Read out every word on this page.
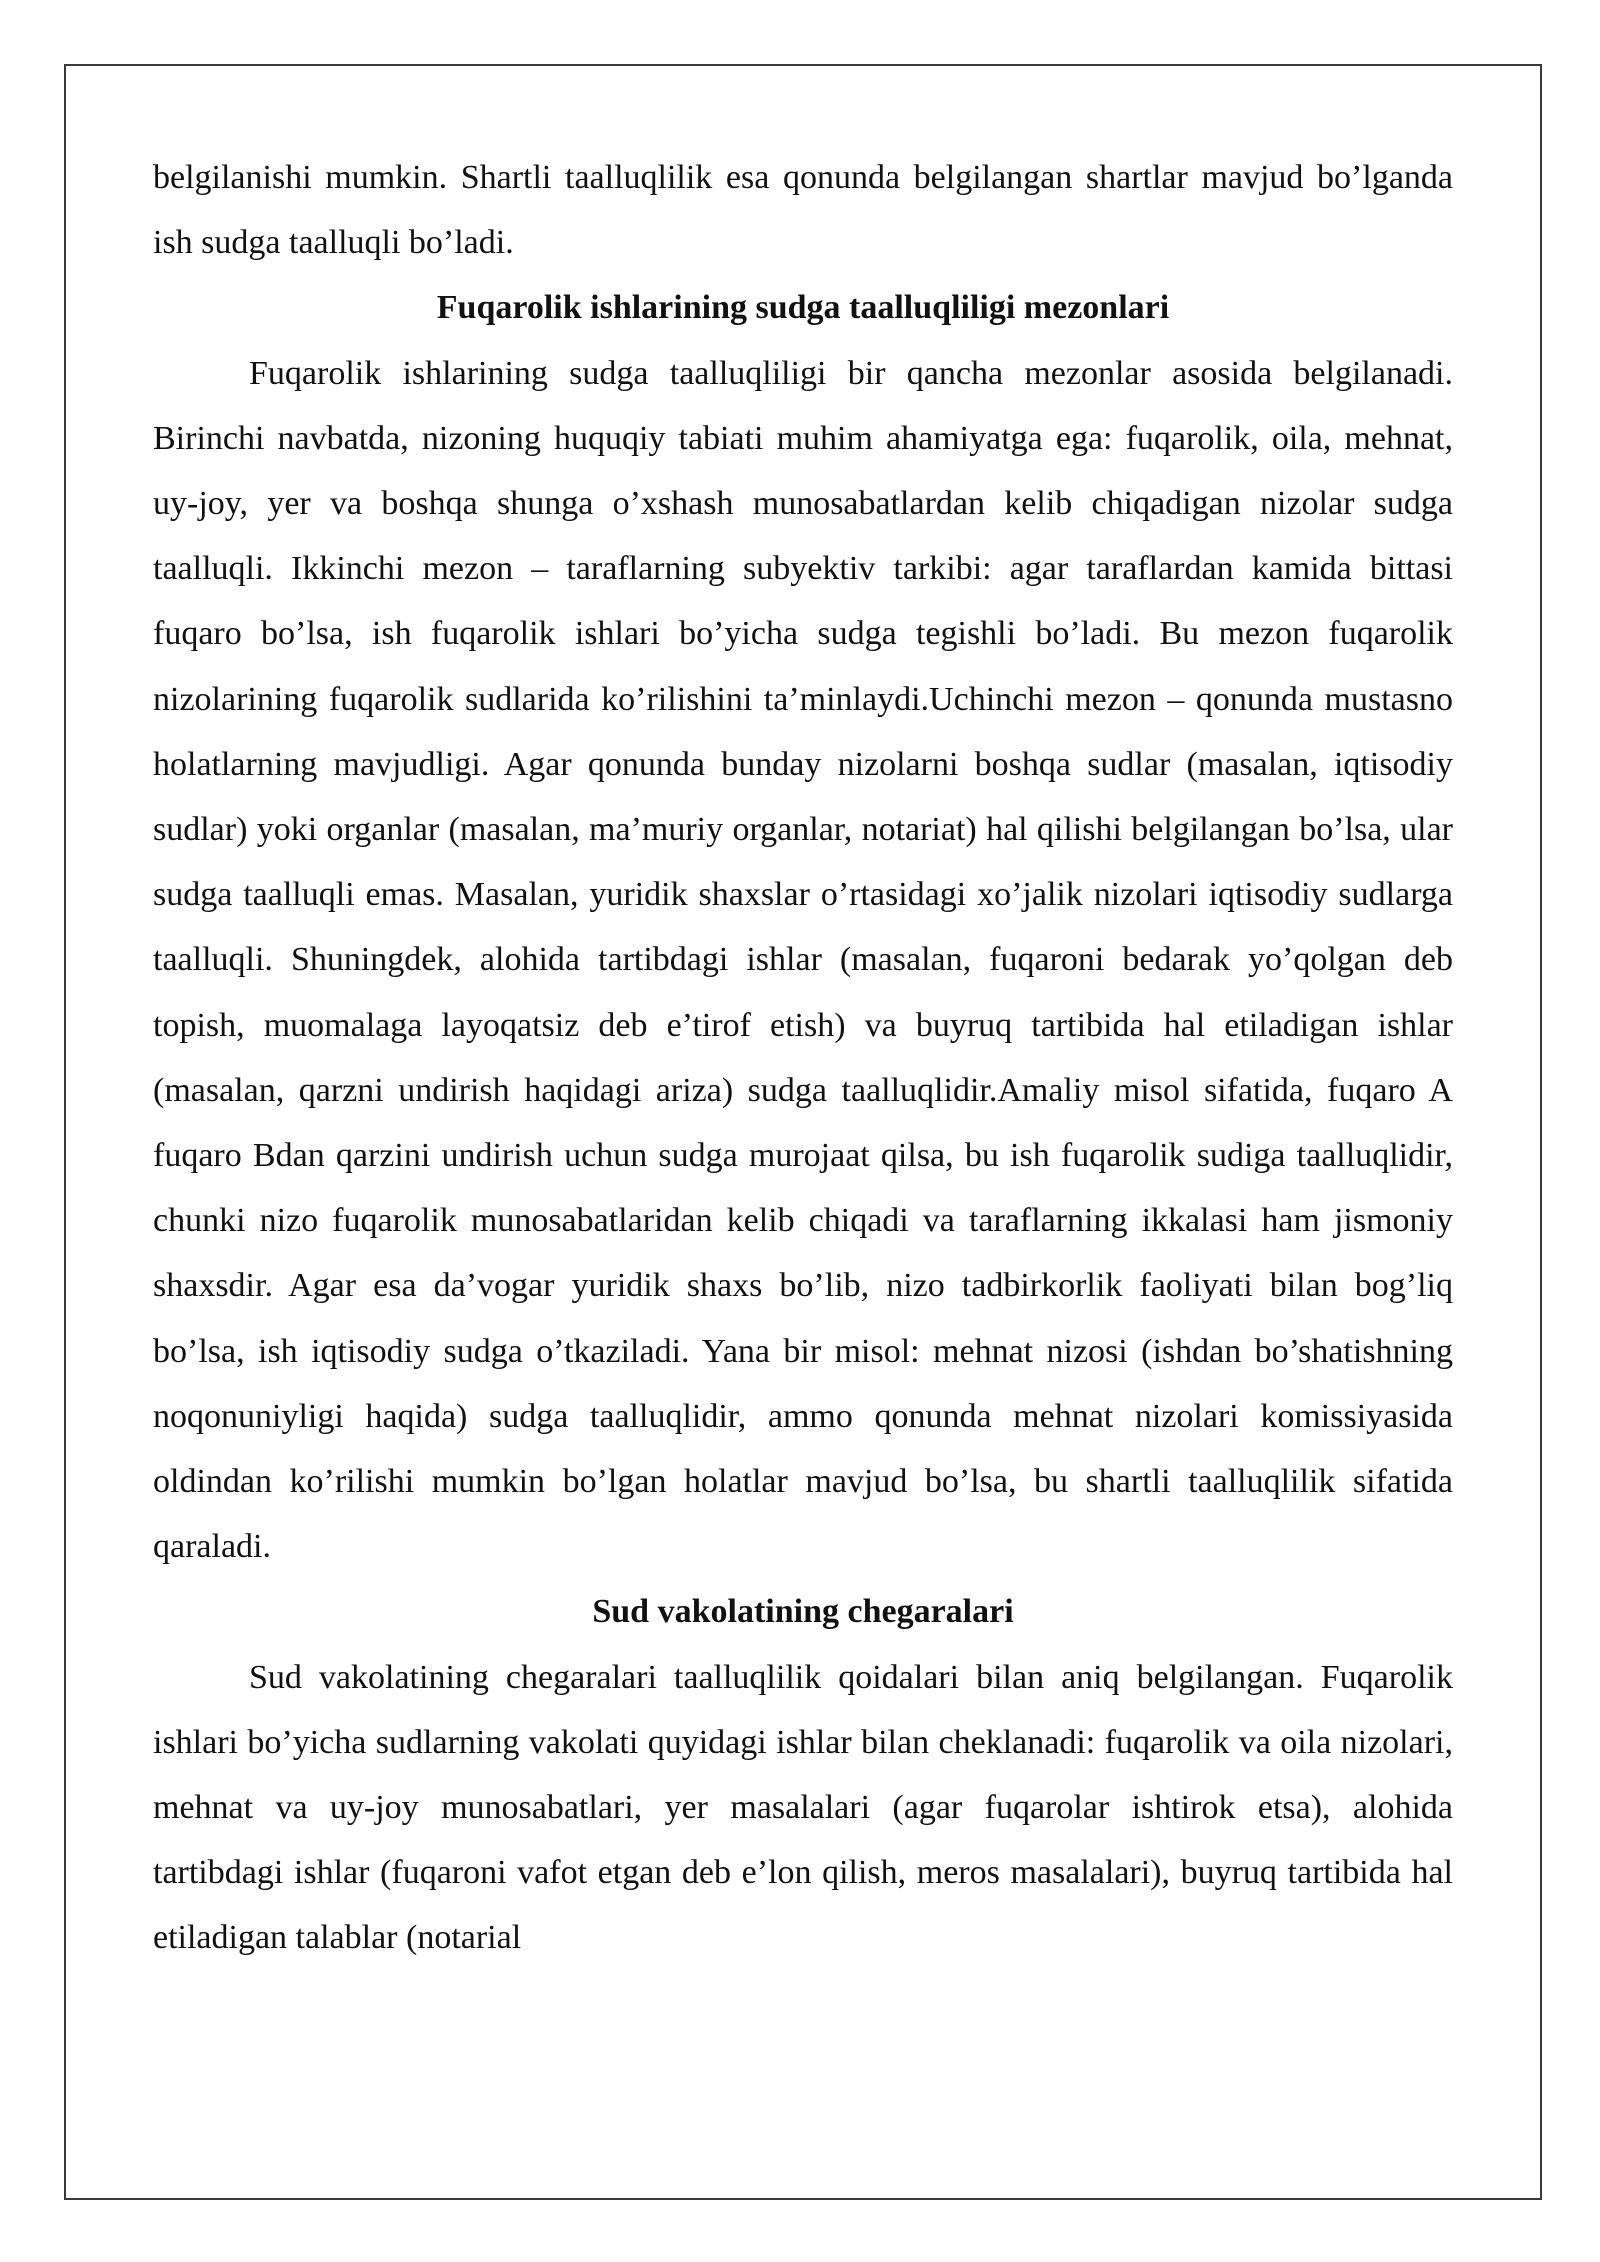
belgilanishi mumkin. Shartli taalluqlilik esa qonunda belgilangan shartlar mavjud bo’lganda ish sudga taalluqli bo’ladi.

Fuqarolik ishlarining sudga taalluqliligi mezonlari

Fuqarolik ishlarining sudga taalluqliligi bir qancha mezonlar asosida belgilanadi. Birinchi navbatda, nizoning huquqiy tabiati muhim ahamiyatga ega: fuqarolik, oila, mehnat, uy-joy, yer va boshqa shunga o’xshash munosabatlardan kelib chiqadigan nizolar sudga taalluqli. Ikkinchi mezon – taraflarning subyektiv tarkibi: agar taraflardan kamida bittasi fuqaro bo’lsa, ish fuqarolik ishlari bo’yicha sudga tegishli bo’ladi. Bu mezon fuqarolik nizolarining fuqarolik sudlarida ko’rilishini ta’minlaydi.Uchinchi mezon – qonunda mustasno holatlarning mavjudligi. Agar qonunda bunday nizolarni boshqa sudlar (masalan, iqtisodiy sudlar) yoki organlar (masalan, ma’muriy organlar, notariat) hal qilishi belgilangan bo’lsa, ular sudga taalluqli emas. Masalan, yuridik shaxslar o’rtasidagi xo’jalik nizolari iqtisodiy sudlarga taalluqli. Shuningdek, alohida tartibdagi ishlar (masalan, fuqaroni bedarak yo’qolgan deb topish, muomalaga layoqatsiz deb e’tirof etish) va buyruq tartibida hal etiladigan ishlar (masalan, qarzni undirish haqidagi ariza) sudga taalluqlidir.Amaliy misol sifatida, fuqaro A fuqaro Bdan qarzini undirish uchun sudga murojaat qilsa, bu ish fuqarolik sudiga taalluqlidir, chunki nizo fuqarolik munosabatlaridan kelib chiqadi va taraflarning ikkalasi ham jismoniy shaxsdir. Agar esa da’vogar yuridik shaxs bo’lib, nizo tadbirkorlik faoliyati bilan bog’liq bo’lsa, ish iqtisodiy sudga o’tkaziladi. Yana bir misol: mehnat nizosi (ishdan bo’shatishning noqonuniyligi haqida) sudga taalluqlidir, ammo qonunda mehnat nizolari komissiyasida oldindan ko’rilishi mumkin bo’lgan holatlar mavjud bo’lsa, bu shartli taalluqlilik sifatida qaraladi.

Sud vakolatining chegaralari

Sud vakolatining chegaralari taalluqlilik qoidalari bilan aniq belgilangan. Fuqarolik ishlari bo’yicha sudlarning vakolati quyidagi ishlar bilan cheklanadi: fuqarolik va oila nizolari, mehnat va uy-joy munosabatlari, yer masalalari (agar fuqarolar ishtirok etsa), alohida tartibdagi ishlar (fuqaroni vafot etgan deb e’lon qilish, meros masalalari), buyruq tartibida hal etiladigan talablar (notarial
